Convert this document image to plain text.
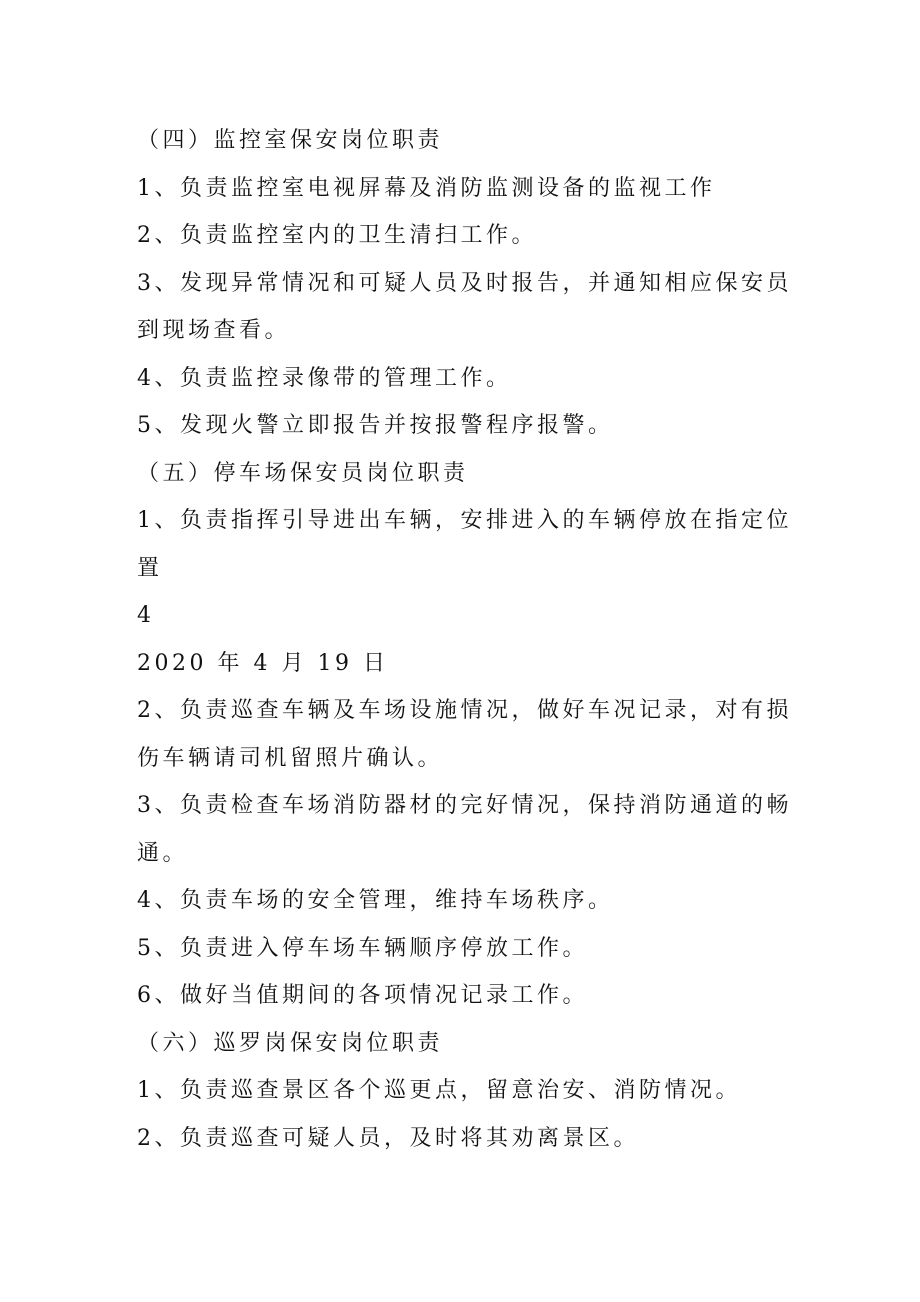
（四）监控室保安岗位职责

1、负责监控室电视屏幕及消防监测设备的监视工作

2、负责监控室内的卫生清扫工作。

3、发现异常情况和可疑人员及时报告，并通知相应保安员

到现场查看。

4、负责监控录像带的管理工作。

5、发现火警立即报告并按报警程序报警。

（五）停车场保安员岗位职责

1、负责指挥引导进出车辆，安排进入的车辆停放在指定位

置

4

2020 年 4 月 19 日

2、负责巡查车辆及车场设施情况，做好车况记录，对有损

伤车辆请司机留照片确认。

3、负责检查车场消防器材的完好情况，保持消防通道的畅

通。

4、负责车场的安全管理，维持车场秩序。

5、负责进入停车场车辆顺序停放工作。

6、做好当值期间的各项情况记录工作。

（六）巡罗岗保安岗位职责

1、负责巡查景区各个巡更点，留意治安、消防情况。

2、负责巡查可疑人员，及时将其劝离景区。
